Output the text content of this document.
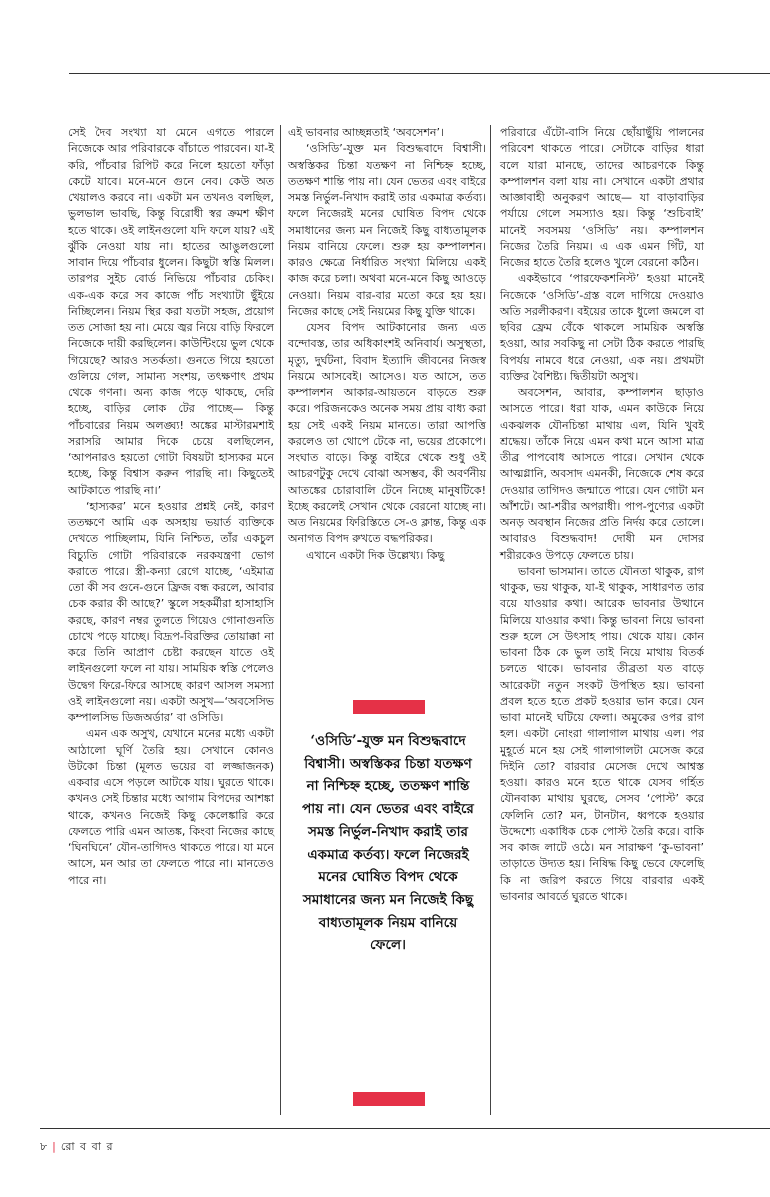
সেই দৈব সংখ্যা যা মেনে এগতে পারলে নিজেকে আর পরিবারকে বাঁচাতে পারবেন। যা-ই করি, পাঁচবার রিপিট করে নিলে হয়তো ফাঁড়া কেটে যাবে। মনে-মনে গুনে নেব। কেউ অত খেয়ালও করবে না। একটা মন তখনও বলছিল, ভুলভাল ভাবছি, কিন্তু বিরোধী স্বর ক্রমশ ক্ষীণ হতে থাকে। ওই লাইনগুলো যদি ফলে যায়? এই ঝুঁকি নেওয়া যায় না। হাতের আঙুলগুলো সাবান দিয়ে পাঁচবার ধুলেন। কিছুটা স্বস্তি মিলল। তারপর সুইচ বোর্ড নিভিয়ে পাঁচবার চেকিং। এক-এক করে সব কাজে পাঁচ সংখ্যাটা ছুঁইয়ে নিচ্ছিলেন। নিয়ম স্থির করা যতটা সহজ, প্রয়োগ তত সোজা হয় না। মেয়ে জ্বর নিয়ে বাড়ি ফিরলে নিজেকে দায়ী করছিলেন। কাউন্টিংয়ে ভুল থেকে গিয়েছে? আরও সতর্কতা। গুনতে গিয়ে হয়তো গুলিয়ে গেল, সামান্য সংশয়, তৎক্ষণাৎ প্রথম থেকে গণনা। অন্য কাজ পড়ে থাকছে, দেরি হচ্ছে, বাড়ির লোক টের পাচ্ছে— কিন্তু পাঁচবারের নিয়ম অলঙ্ঘ্য! অঙ্কের মাস্টারমশাই সরাসরি আমার দিকে চেয়ে বলছিলেন, ‘আপনারও হয়তো গোটা বিষয়টা হাস্যকর মনে হচ্ছে, কিন্তু বিশ্বাস করুন পারছি না। কিছুতেই আটকাতে পারছি না।’

‘হাস্যকর’ মনে হওয়ার প্রশ্নই নেই, কারণ ততক্ষণে আমি এক অসহায় ভয়ার্ত ব্যক্তিকে দেখতে পাচ্ছিলাম, যিনি নিশ্চিত, তাঁর একচুল বিচ্যুতি গোটা পরিবারকে নরকযন্ত্রণা ভোগ করাতে পারে। স্ত্রী-কন্যা রেগে যাচ্ছে, ‘এইমাত্র তো কী সব গুনে-গুনে ফ্রিজ বন্ধ করলে, আবার চেক করার কী আছে?’ স্কুলে সহকর্মীরা হাসাহাসি করছে, কারণ নম্বর তুলতে গিয়েও গোনাগুনতি চোখে পড়ে যাচ্ছে। বিদ্রূপ-বিরক্তির তোয়াক্কা না করে তিনি আপ্রাণ চেষ্টা করছেন যাতে ওই লাইনগুলো ফলে না যায়। সাময়িক স্বস্তি পেলেও উদ্বেগ ফিরে-ফিরে আসছে কারণ আসল সমস্যা ওই লাইনগুলো নয়। একটা অসুখ—‘অবসেসিভ কম্পালসিভ ডিজঅর্ডার’ বা ওসিডি।

এমন এক অসুখ, যেখানে মনের মধ্যে একটা আঠালো ঘূর্ণি তৈরি হয়। সেখানে কোনও উটকো চিন্তা (মূলত ভয়ের বা লজ্জাজনক) একবার এসে পড়লে আটকে যায়। ঘুরতে থাকে। কখনও সেই চিন্তার মধ্যে আগাম বিপদের আশঙ্কা থাকে, কখনও নিজেই কিছু কেলেঙ্কারি করে ফেলতে পারি এমন আতঙ্ক, কিংবা নিজের কাছে ‘ঘিনঘিনে’ যৌন-তাগিদও থাকতে পারে। যা মনে আসে, মন আর তা ফেলতে পারে না। মানতেও পারে না।

এই ভাবনার আচ্ছন্নতাই ‘অবসেশন’।

‘ওসিডি’-যুক্ত মন বিশুদ্ধবাদে বিশ্বাসী। অস্বস্তিকর চিন্তা যতক্ষণ না নিশ্চিহ্ন হচ্ছে, ততক্ষণ শান্তি পায় না। যেন ভেতর এবং বাইরে সমস্ত নির্ভুল-নিখাদ করাই তার একমাত্র কর্তব্য। ফলে নিজেরই মনের ঘোষিত বিপদ থেকে সমাধানের জন্য মন নিজেই কিছু বাধ্যতামূলক নিয়ম বানিয়ে ফেলে। শুরু হয় কম্পালশন। কারও ক্ষেত্রে নির্ধারিত সংখ্যা মিলিয়ে একই কাজ করে চলা। অথবা মনে-মনে কিছু আওড়ে নেওয়া। নিয়ম বার-বার মতো করে হয় হয়। নিজের কাছে সেই নিয়মের কিছু যুক্তি থাকে।

যেসব বিপদ আটকানোর জন্য এত বন্দোবস্ত, তার অধিকাংশই অনিবার্য। অসুস্থতা, মৃত্যু, দুর্ঘটনা, বিবাদ ইত্যাদি জীবনের নিজস্ব নিয়মে আসবেই। আসেও। যত আসে, তত কম্পালশন আকার-আয়তনে বাড়তে শুরু করে। পরিজনকেও অনেক সময় প্রায় বাধ্য করা হয় সেই একই নিয়ম মানতে। তারা আপত্তি করলেও তা থোপে টেকে না, ভয়ের প্রকোপে। সংঘাত বাড়ে। কিন্তু বাইরে থেকে শুধু ওই আচরণটুকু দেখে বোঝা অসম্ভব, কী অবর্ণনীয় আতঙ্কের চোরাবালি টেনে নিচ্ছে মানুষটিকে! ইচ্ছে করলেই সেখান থেকে বেরনো যাচ্ছে না। অত নিয়মের ফিরিস্তিতে সে-ও ক্লান্ত, কিন্তু এক অনাগত বিপদ রুখতে বদ্ধপরিকর।

এখানে একটা দিক উল্লেখ্য। কিছু

‘ওসিডি’-যুক্ত মন বিশুদ্ধবাদে বিশ্বাসী। অস্বস্তিকর চিন্তা যতক্ষণ না নিশ্চিহ্ন হচ্ছে, ততক্ষণ শান্তি পায় না। যেন ভেতর এবং বাইরে সমস্ত নির্ভুল-নিখাদ করাই তার একমাত্র কর্তব্য। ফলে নিজেরই মনের ঘোষিত বিপদ থেকে সমাধানের জন্য মন নিজেই কিছু বাধ্যতামূলক নিয়ম বানিয়ে ফেলে।

পরিবারে এঁটো-বাসি নিয়ে ছোঁয়াছুঁয়ি পালনের পরিবেশ থাকতে পারে। সেটাকে বাড়ির ধারা বলে যারা মানছে, তাদের আচরণকে কিন্তু কম্পালশন বলা যায় না। সেখানে একটা প্রথার আজ্ঞাবাহী অনুকরণ আছে— যা বাড়াবাড়ির পর্যায়ে গেলে সমস্যাও হয়। কিন্তু ‘শুচিবাই’ মানেই সবসময় ‘ওসিডি’ নয়। কম্পালশন নিজের তৈরি নিয়ম। এ এক এমন গিঁট, যা নিজের হাতে তৈরি হলেও খুলে বেরনো কঠিন।

একইভাবে ‘পারফেকশনিস্ট’ হওয়া মানেই নিজেকে ‘ওসিডি’-গ্রস্ত বলে দাগিয়ে দেওয়াও অতি সরলীকরণ। বইয়ের তাকে ধুলো জমলে বা ছবির ফ্রেম বেঁকে থাকলে সাময়িক অস্বস্তি হওয়া, আর সবকিছু না সেটা ঠিক করতে পারছি বিপর্যয় নামবে ধরে নেওয়া, এক নয়। প্রথমটা ব্যক্তির বৈশিষ্ট্য। দ্বিতীয়টা অসুখ।

অবসেশন, আবার, কম্পালশন ছাড়াও আসতে পারে। ধরা যাক, এমন কাউকে নিয়ে একঝলক যৌনচিন্তা মাথায় এল, যিনি খুবই শ্রদ্ধেয়। তাঁকে নিয়ে এমন কথা মনে আসা মাত্র তীব্র পাপবোধ আসতে পারে। সেখান থেকে আত্মগ্লানি, অবসাদ এমনকী, নিজেকে শেষ করে দেওয়ার তাগিদও জন্মাতে পারে। যেন গোটা মন আঁশটে। আ-শরীর অপরাধী। পাপ-পুণ্যের একটা অনড় অবস্থান নিজের প্রতি নির্দয় করে তোলে। আবারও বিশুদ্ধবাদ! দোষী মন দোসর শরীরকেও উপড়ে ফেলতে চায়।

ভাবনা ভাসমান। তাতে যৌনতা থাকুক, রাগ থাকুক, ভয় থাকুক, যা-ই থাকুক, সাধারণত তার বয়ে যাওয়ার কথা। আরেক ভাবনার উত্থানে মিলিয়ে যাওয়ার কথা। কিন্তু ভাবনা নিয়ে ভাবনা শুরু হলে সে উৎসাহ পায়। থেকে যায়। কোন ভাবনা ঠিক কে ভুল তাই নিয়ে মাথায় বিতর্ক চলতে থাকে। ভাবনার তীব্রতা যত বাড়ে আরেকটা নতুন সংকট উপস্থিত হয়। ভাবনা প্রবল হতে হতে প্রকট হওয়ার ভান করে। যেন ভাবা মানেই ঘটিয়ে ফেলা। অমুকের ওপর রাগ হল। একটা নোংরা গালাগাল মাথায় এল। পর মুহূর্তে মনে হয় সেই গালাগালটা মেসেজ করে দিইনি তো? বারবার মেসেজ দেখে আশ্বস্ত হওয়া। কারও মনে হতে থাকে যেসব গর্হিত যৌনবাক্য মাথায় ঘুরছে, সেসব ‘পোস্ট’ করে ফেলিনি তো? মন, টানটান, ধ্বপকে হওয়ার উদ্দেশ্যে একাধিক চেক পোস্ট তৈরি করে। বাকি সব কাজ লাটে ওঠে। মন সারাক্ষণ ‘কু-ভাবনা’ তাড়াতে উদ্যত হয়। নিষিদ্ধ কিছু ভেবে ফেলেছি কি না জরিপ করতে গিয়ে বারবার একই ভাবনার আবর্তে ঘুরতে থাকে।

৮ | রো ব বা র
